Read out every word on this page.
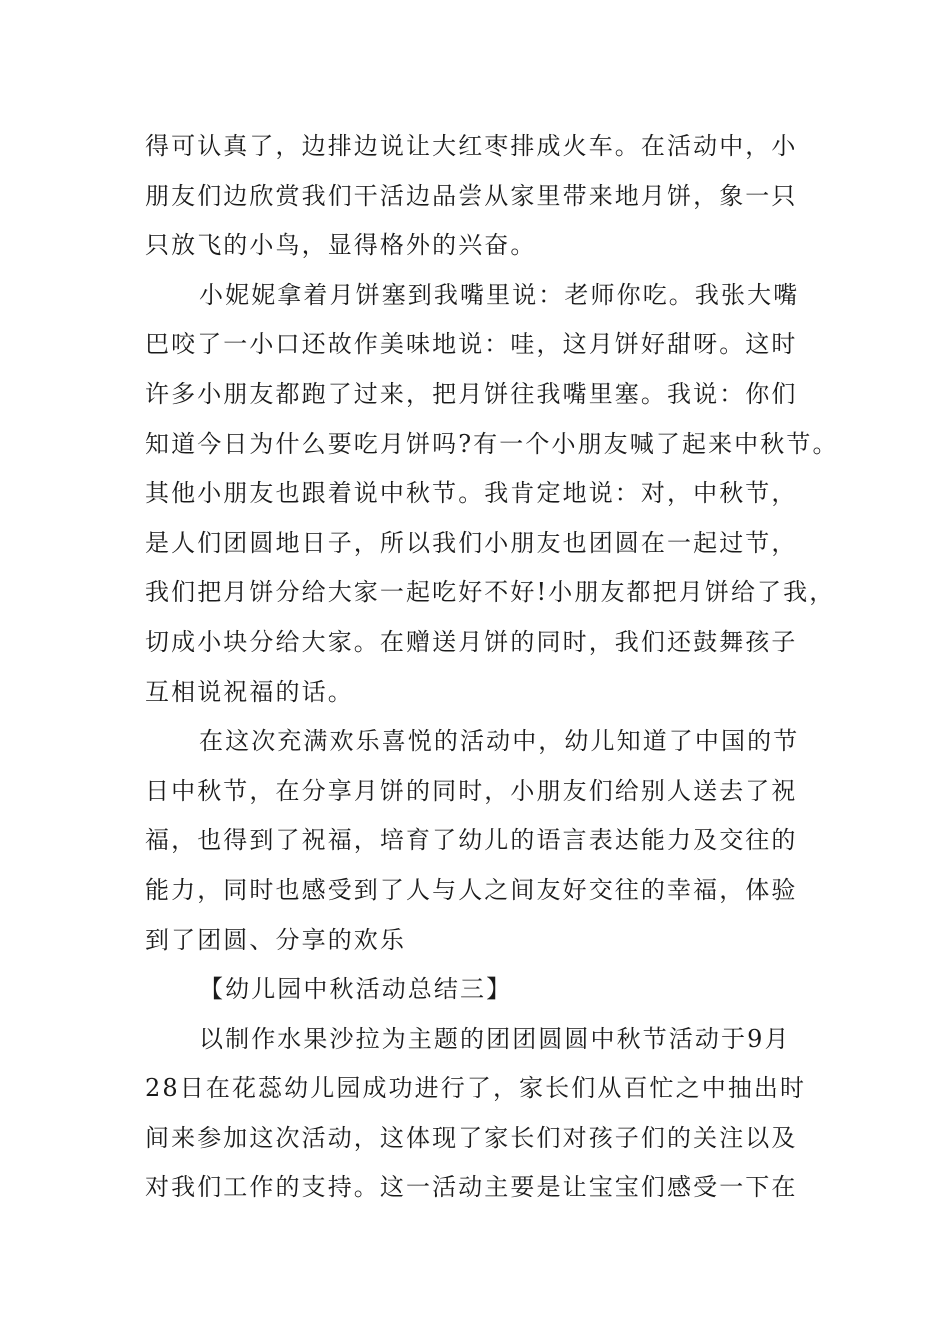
得可认真了，边排边说让大红枣排成火车。在活动中，小
朋友们边欣赏我们干活边品尝从家里带来地月饼，象一只
只放飞的小鸟，显得格外的兴奋。
小妮妮拿着月饼塞到我嘴里说：老师你吃。我张大嘴
巴咬了一小口还故作美味地说：哇，这月饼好甜呀。这时
许多小朋友都跑了过来，把月饼往我嘴里塞。我说：你们
知道今日为什么要吃月饼吗?有一个小朋友喊了起来中秋节。
其他小朋友也跟着说中秋节。我肯定地说：对，中秋节，
是人们团圆地日子，所以我们小朋友也团圆在一起过节，
我们把月饼分给大家一起吃好不好!小朋友都把月饼给了我，
切成小块分给大家。在赠送月饼的同时，我们还鼓舞孩子
互相说祝福的话。
在这次充满欢乐喜悦的活动中，幼儿知道了中国的节
日中秋节，在分享月饼的同时，小朋友们给别人送去了祝
福，也得到了祝福，培育了幼儿的语言表达能力及交往的
能力，同时也感受到了人与人之间友好交往的幸福，体验
到了团圆、分享的欢乐
【幼儿园中秋活动总结三】
以制作水果沙拉为主题的团团圆圆中秋节活动于9月
28日在花蕊幼儿园成功进行了，家长们从百忙之中抽出时
间来参加这次活动，这体现了家长们对孩子们的关注以及
对我们工作的支持。这一活动主要是让宝宝们感受一下在
